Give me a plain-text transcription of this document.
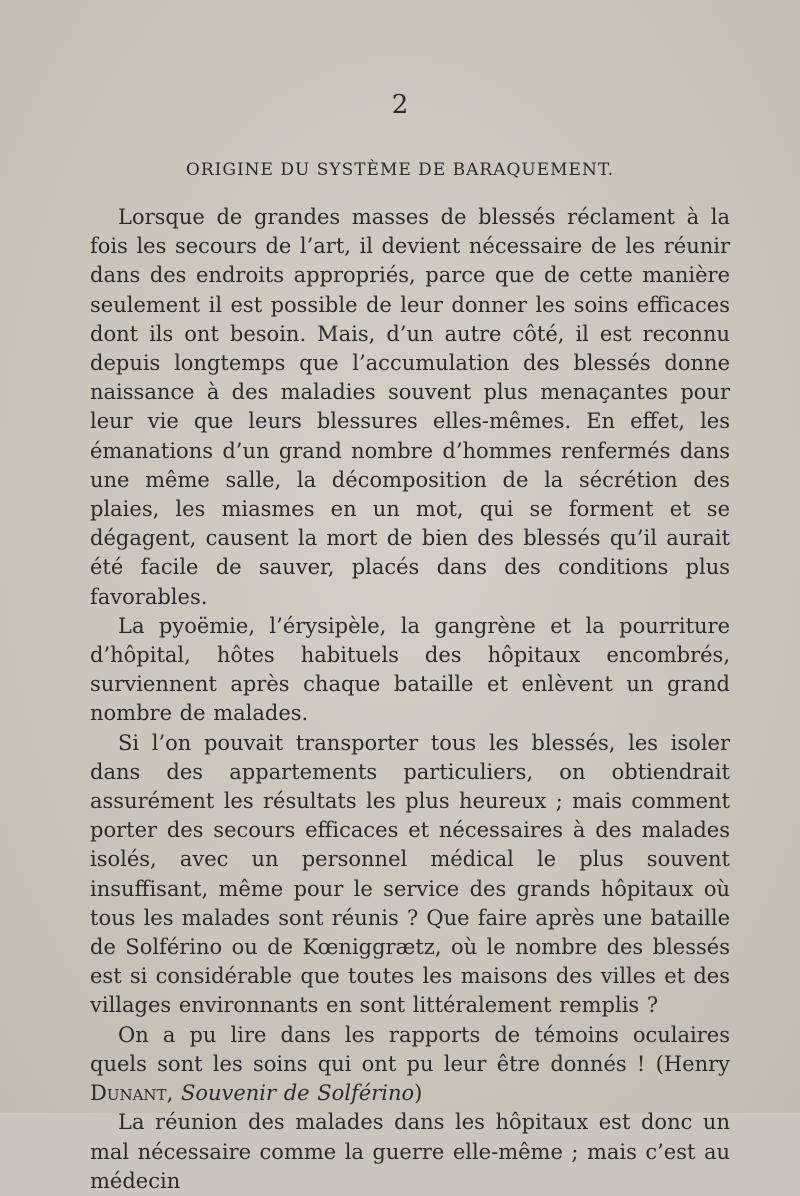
2
ORIGINE DU SYSTÈME DE BARAQUEMENT.

Lorsque de grandes masses de blessés réclament à la fois les secours de l’art, il devient nécessaire de les réunir dans des endroits appropriés, parce que de cette manière seulement il est possible de leur donner les soins efficaces dont ils ont besoin. Mais, d’un autre côté, il est reconnu depuis longtemps que l’accumulation des blessés donne naissance à des maladies souvent plus menaçantes pour leur vie que leurs blessures elles-mêmes. En effet, les émanations d’un grand nombre d’hommes renfermés dans une même salle, la décomposition de la sécrétion des plaies, les miasmes en un mot, qui se forment et se dégagent, causent la mort de bien des blessés qu’il aurait été facile de sauver, placés dans des conditions plus favorables.

La pyoëmie, l’érysipèle, la gangrène et la pourriture d’hôpital, hôtes habituels des hôpitaux encombrés, surviennent après chaque bataille et enlèvent un grand nombre de malades.

Si l’on pouvait transporter tous les blessés, les isoler dans des appartements particuliers, on obtiendrait assurément les résultats les plus heureux ; mais comment porter des secours efficaces et nécessaires à des malades isolés, avec un personnel médical le plus souvent insuffisant, même pour le service des grands hôpitaux où tous les malades sont réunis ? Que faire après une bataille de Solférino ou de Kœniggrætz, où le nombre des blessés est si considérable que toutes les maisons des villes et des villages environnants en sont littéralement remplis ?

On a pu lire dans les rapports de témoins oculaires quels sont les soins qui ont pu leur être donnés ! (Henry Dunant, Souvenir de Solférino)

La réunion des malades dans les hôpitaux est donc un mal nécessaire comme la guerre elle-même ; mais c’est au médecin
